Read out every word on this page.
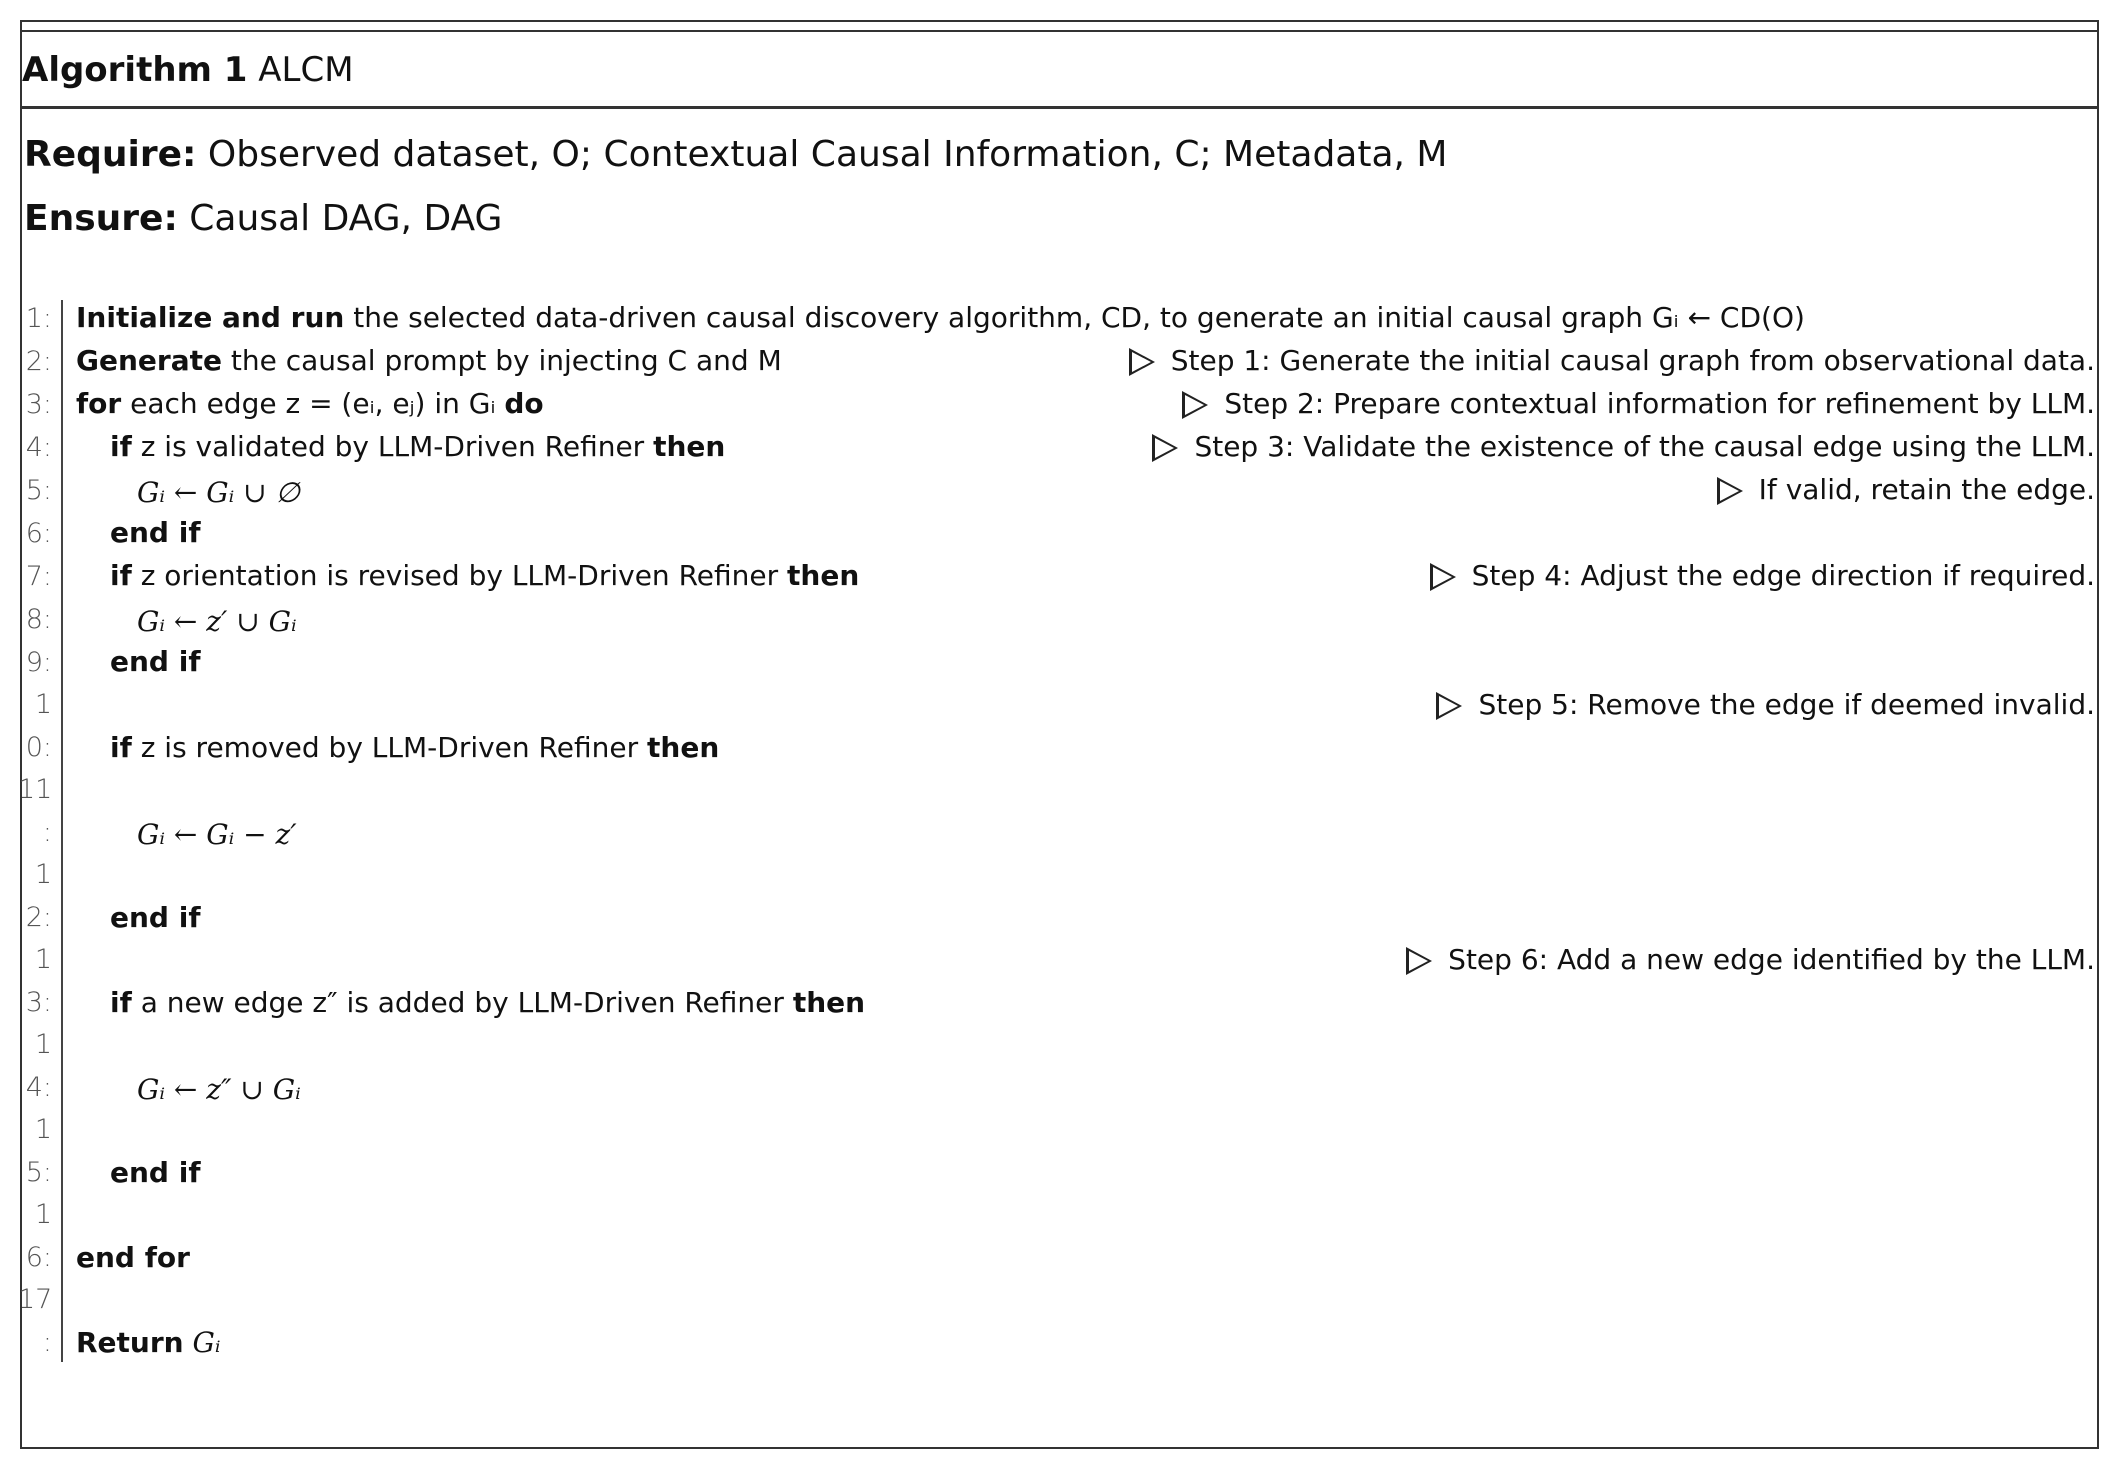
Algorithm 1 ALCM
Require: Observed dataset, O; Contextual Causal Information, C; Metadata, M
Ensure: Causal DAG, DAG
1:
2:
3:
4:
5:
6:
7:
8:
9:
1
0:
11
:
1
2:
1
3:
1
4:
1
5:
1
6:
17
:
Initialize and run the selected data-driven causal discovery algorithm, CD, to generate an initial causal graph Gᵢ ← CD(O)
Generate the causal prompt by injecting C and M
for each edge z = (eᵢ, eⱼ) in Gᵢ do
if z is validated by LLM-Driven Refiner then
Gᵢ ← Gᵢ ∪ ∅
end if
if z orientation is revised by LLM-Driven Refiner then
Gᵢ ← z′ ∪ Gᵢ
end if
if z is removed by LLM-Driven Refiner then
Gᵢ ← Gᵢ − z′
end if
if a new edge z″ is added by LLM-Driven Refiner then
Gᵢ ← z″ ∪ Gᵢ
end if
end for
Return Gᵢ
Step 1: Generate the initial causal graph from observational data.
Step 2: Prepare contextual information for refinement by LLM.
Step 3: Validate the existence of the causal edge using the LLM.
If valid, retain the edge.
Step 4: Adjust the edge direction if required.
Step 5: Remove the edge if deemed invalid.
Step 6: Add a new edge identified by the LLM.
